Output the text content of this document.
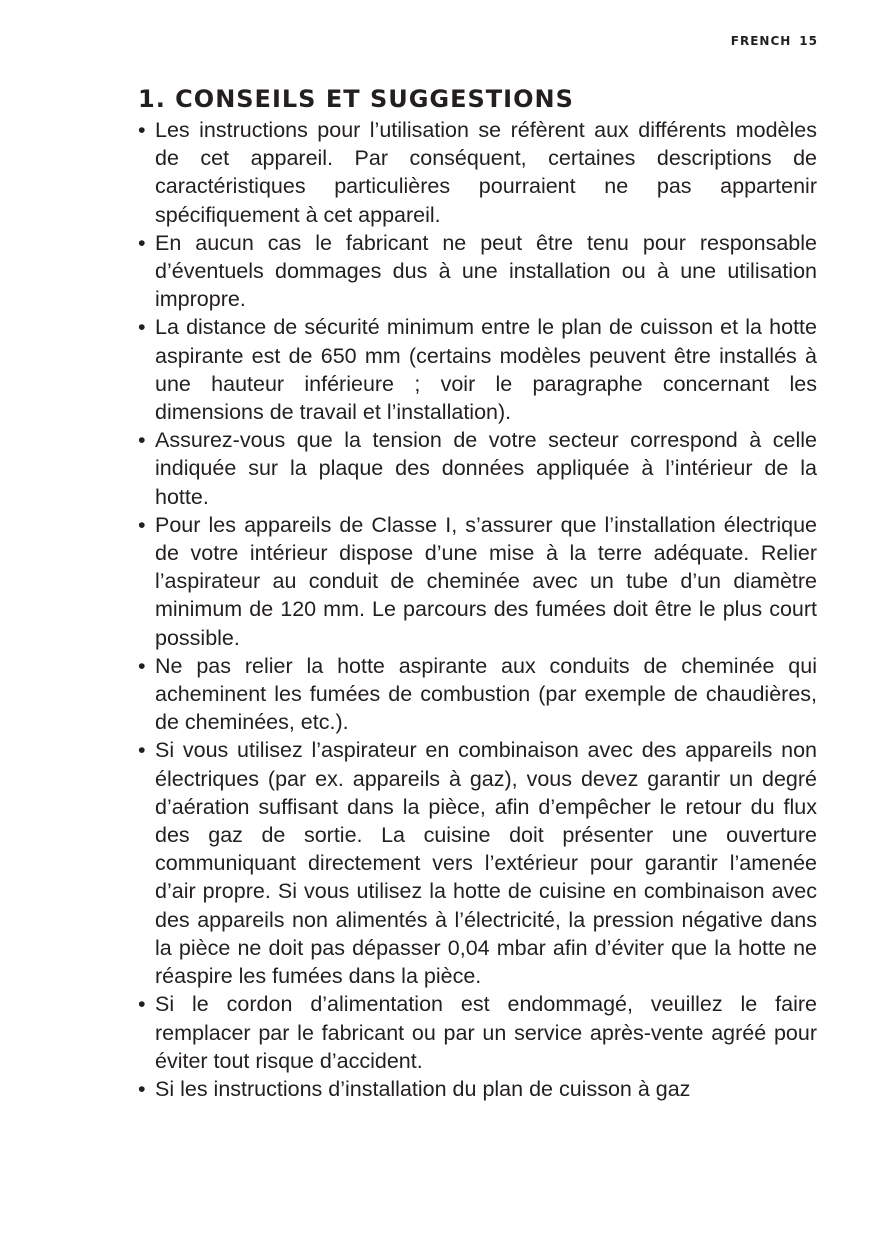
FRENCH 15
1. CONSEILS ET SUGGESTIONS
• Les instructions pour l’utilisation se réfèrent aux différents modèles de cet appareil. Par conséquent, certaines descriptions de caractéristiques particulières pourraient ne pas appartenir spécifiquement à cet appareil.
• En aucun cas le fabricant ne peut être tenu pour responsable d’éventuels dommages dus à une installation ou à une utilisation impropre.
• La distance de sécurité minimum entre le plan de cuisson et la hotte aspirante est de 650 mm (certains modèles peuvent être installés à une hauteur inférieure ; voir le paragraphe concernant les dimensions de travail et l’installation).
• Assurez-vous que la tension de votre secteur correspond à celle indiquée sur la plaque des données appliquée à l’intérieur de la hotte.
• Pour les appareils de Classe I, s’assurer que l’installation électrique de votre intérieur dispose d’une mise à la terre adéquate. Relier l’aspirateur au conduit de cheminée avec un tube d’un diamètre minimum de 120 mm. Le parcours des fumées doit être le plus court possible.
• Ne pas relier la hotte aspirante aux conduits de cheminée qui acheminent les fumées de combustion (par exemple de chaudières, de cheminées, etc.).
• Si vous utilisez l’aspirateur en combinaison avec des appareils non électriques (par ex. appareils à gaz), vous devez garantir un degré d’aération suffisant dans la pièce, afin d’empêcher le retour du flux des gaz de sortie. La cuisine doit présenter une ouverture communiquant directement vers l’extérieur pour garantir l’amenée d’air propre. Si vous utilisez la hotte de cuisine en combinaison avec des appareils non alimentés à l’électricité, la pression négative dans la pièce ne doit pas dépasser 0,04 mbar afin d’éviter que la hotte ne réaspire les fumées dans la pièce.
• Si le cordon d’alimentation est endommagé, veuillez le faire remplacer par le fabricant ou par un service après-vente agréé pour éviter tout risque d’accident.
• Si les instructions d’installation du plan de cuisson à gaz
